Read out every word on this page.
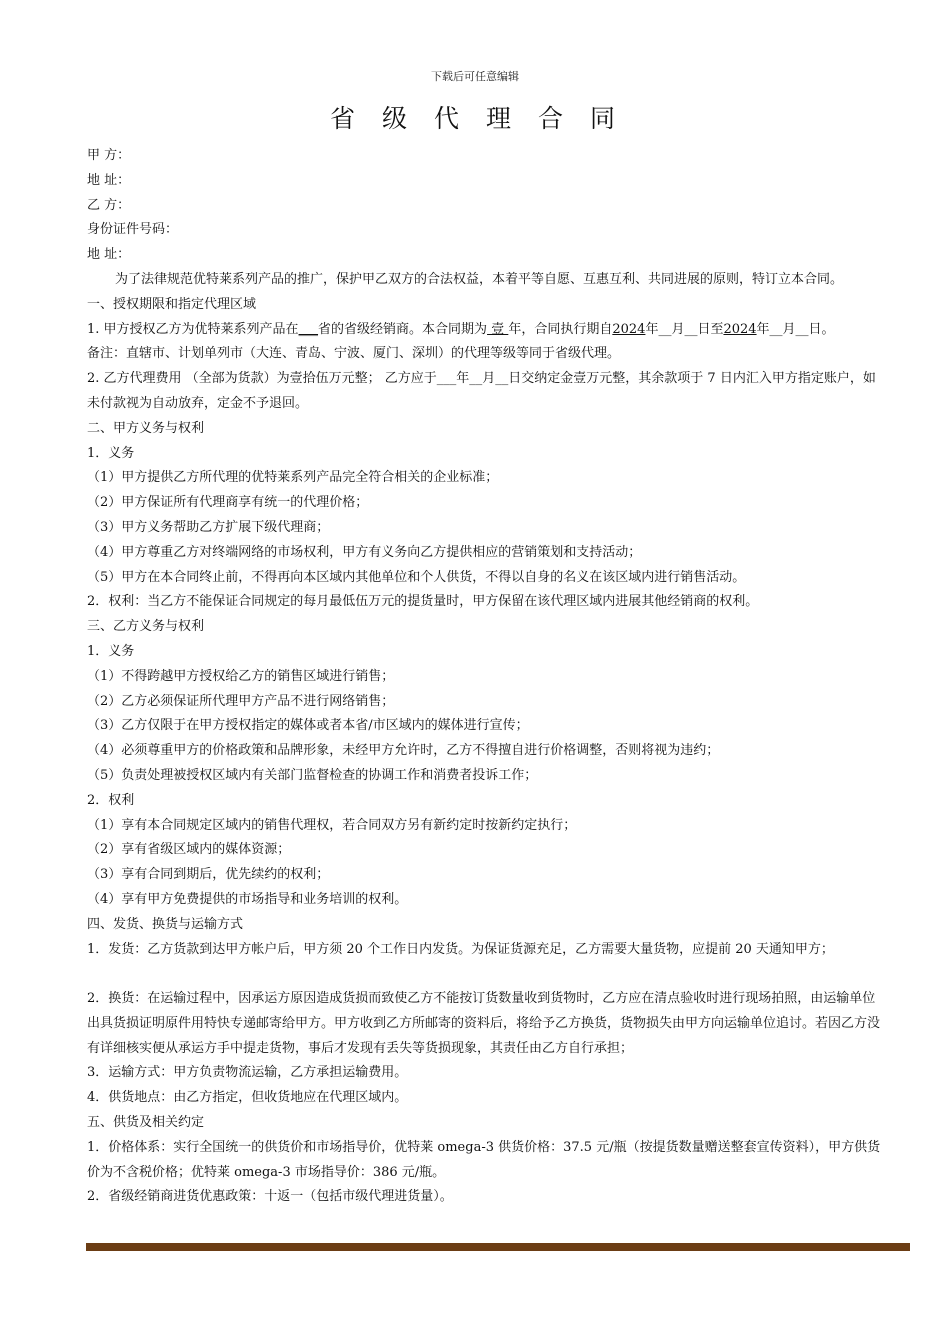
下载后可任意编辑
省级代理合同

甲 方：

地 址：

乙 方：

身份证件号码：

地 址：

为了法律规范优特莱系列产品的推广，保护甲乙双方的合法权益，本着平等自愿、互惠互利、共同进展的原则，特订立本合同。

一、授权期限和指定代理区域

1. 甲方授权乙方为优特莱系列产品在___省的省级经销商。本合同期为 壹 年，合同执行期自2024年__月__日至2024年__月__日。

备注：直辖市、计划单列市（大连、青岛、宁波、厦门、深圳）的代理等级等同于省级代理。

2. 乙方代理费用 （全部为货款）为壹拾伍万元整； 乙方应于___年__月__日交纳定金壹万元整，其余款项于 7 日内汇入甲方指定账户，如未付款视为自动放弃，定金不予退回。

二、甲方义务与权利

1．义务

（1）甲方提供乙方所代理的优特莱系列产品完全符合相关的企业标准；

（2）甲方保证所有代理商享有统一的代理价格；

（3）甲方义务帮助乙方扩展下级代理商；

（4）甲方尊重乙方对终端网络的市场权利，甲方有义务向乙方提供相应的营销策划和支持活动；

（5）甲方在本合同终止前，不得再向本区域内其他单位和个人供货，不得以自身的名义在该区域内进行销售活动。

2．权利：当乙方不能保证合同规定的每月最低伍万元的提货量时，甲方保留在该代理区域内进展其他经销商的权利。

三、乙方义务与权利

1．义务

（1）不得跨越甲方授权给乙方的销售区域进行销售；

（2）乙方必须保证所代理甲方产品不进行网络销售；

（3）乙方仅限于在甲方授权指定的媒体或者本省/市区域内的媒体进行宣传；

（4）必须尊重甲方的价格政策和品牌形象，未经甲方允许时，乙方不得擅自进行价格调整，否则将视为违约；

（5）负责处理被授权区域内有关部门监督检查的协调工作和消费者投诉工作；

2．权利

（1）享有本合同规定区域内的销售代理权，若合同双方另有新约定时按新约定执行；

（2）享有省级区域内的媒体资源；

（3）享有合同到期后，优先续约的权利；

（4）享有甲方免费提供的市场指导和业务培训的权利。

四、发货、换货与运输方式

1．发货：乙方货款到达甲方帐户后，甲方须 20 个工作日内发货。为保证货源充足，乙方需要大量货物，应提前 20 天通知甲方；

2．换货：在运输过程中，因承运方原因造成货损而致使乙方不能按订货数量收到货物时，乙方应在清点验收时进行现场拍照，由运输单位出具货损证明原件用特快专递邮寄给甲方。甲方收到乙方所邮寄的资料后，将给予乙方换货，货物损失由甲方向运输单位追讨。若因乙方没有详细核实便从承运方手中提走货物，事后才发现有丢失等货损现象，其责任由乙方自行承担；

3．运输方式：甲方负责物流运输，乙方承担运输费用。

4．供货地点：由乙方指定，但收货地应在代理区域内。

五、供货及相关约定

1．价格体系：实行全国统一的供货价和市场指导价，优特莱 omega-3 供货价格：37.5 元/瓶（按提货数量赠送整套宣传资料），甲方供货价为不含税价格；优特莱 omega-3 市场指导价：386 元/瓶。

2．省级经销商进货优惠政策：十返一（包括市级代理进货量）。
